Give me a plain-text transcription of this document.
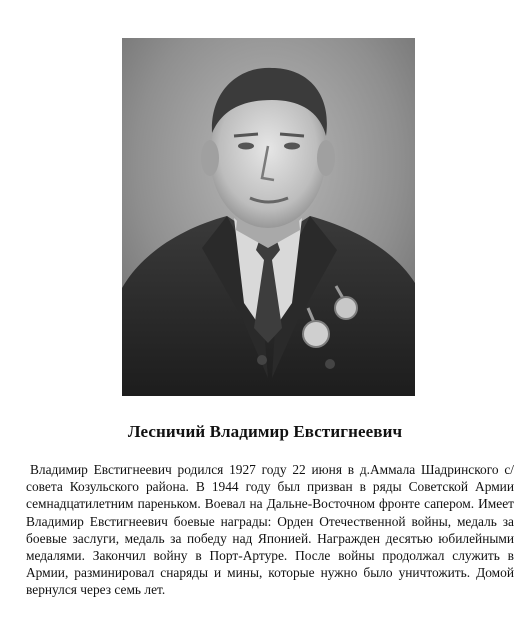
Лесничий Владимир Евстигнеевич

Владимир Евстигнеевич родился 1927 году 22 июня в д.Аммала Шадринского с/совета Козульского района. В 1944 году был призван в ряды Советской Армии семнадцатилетним пареньком. Воевал на Дальне-Восточном фронте сапером. Имеет Владимир Евстигнеевич боевые награды: Орден Отечественной войны, медаль за боевые заслуги, медаль за победу над Японией. Награжден десятью юбилейными медалями. Закончил войну в Порт-Артуре. После войны продолжал служить в Армии, разминировал снаряды и мины, которые нужно было уничтожить. Домой вернулся через семь лет.
